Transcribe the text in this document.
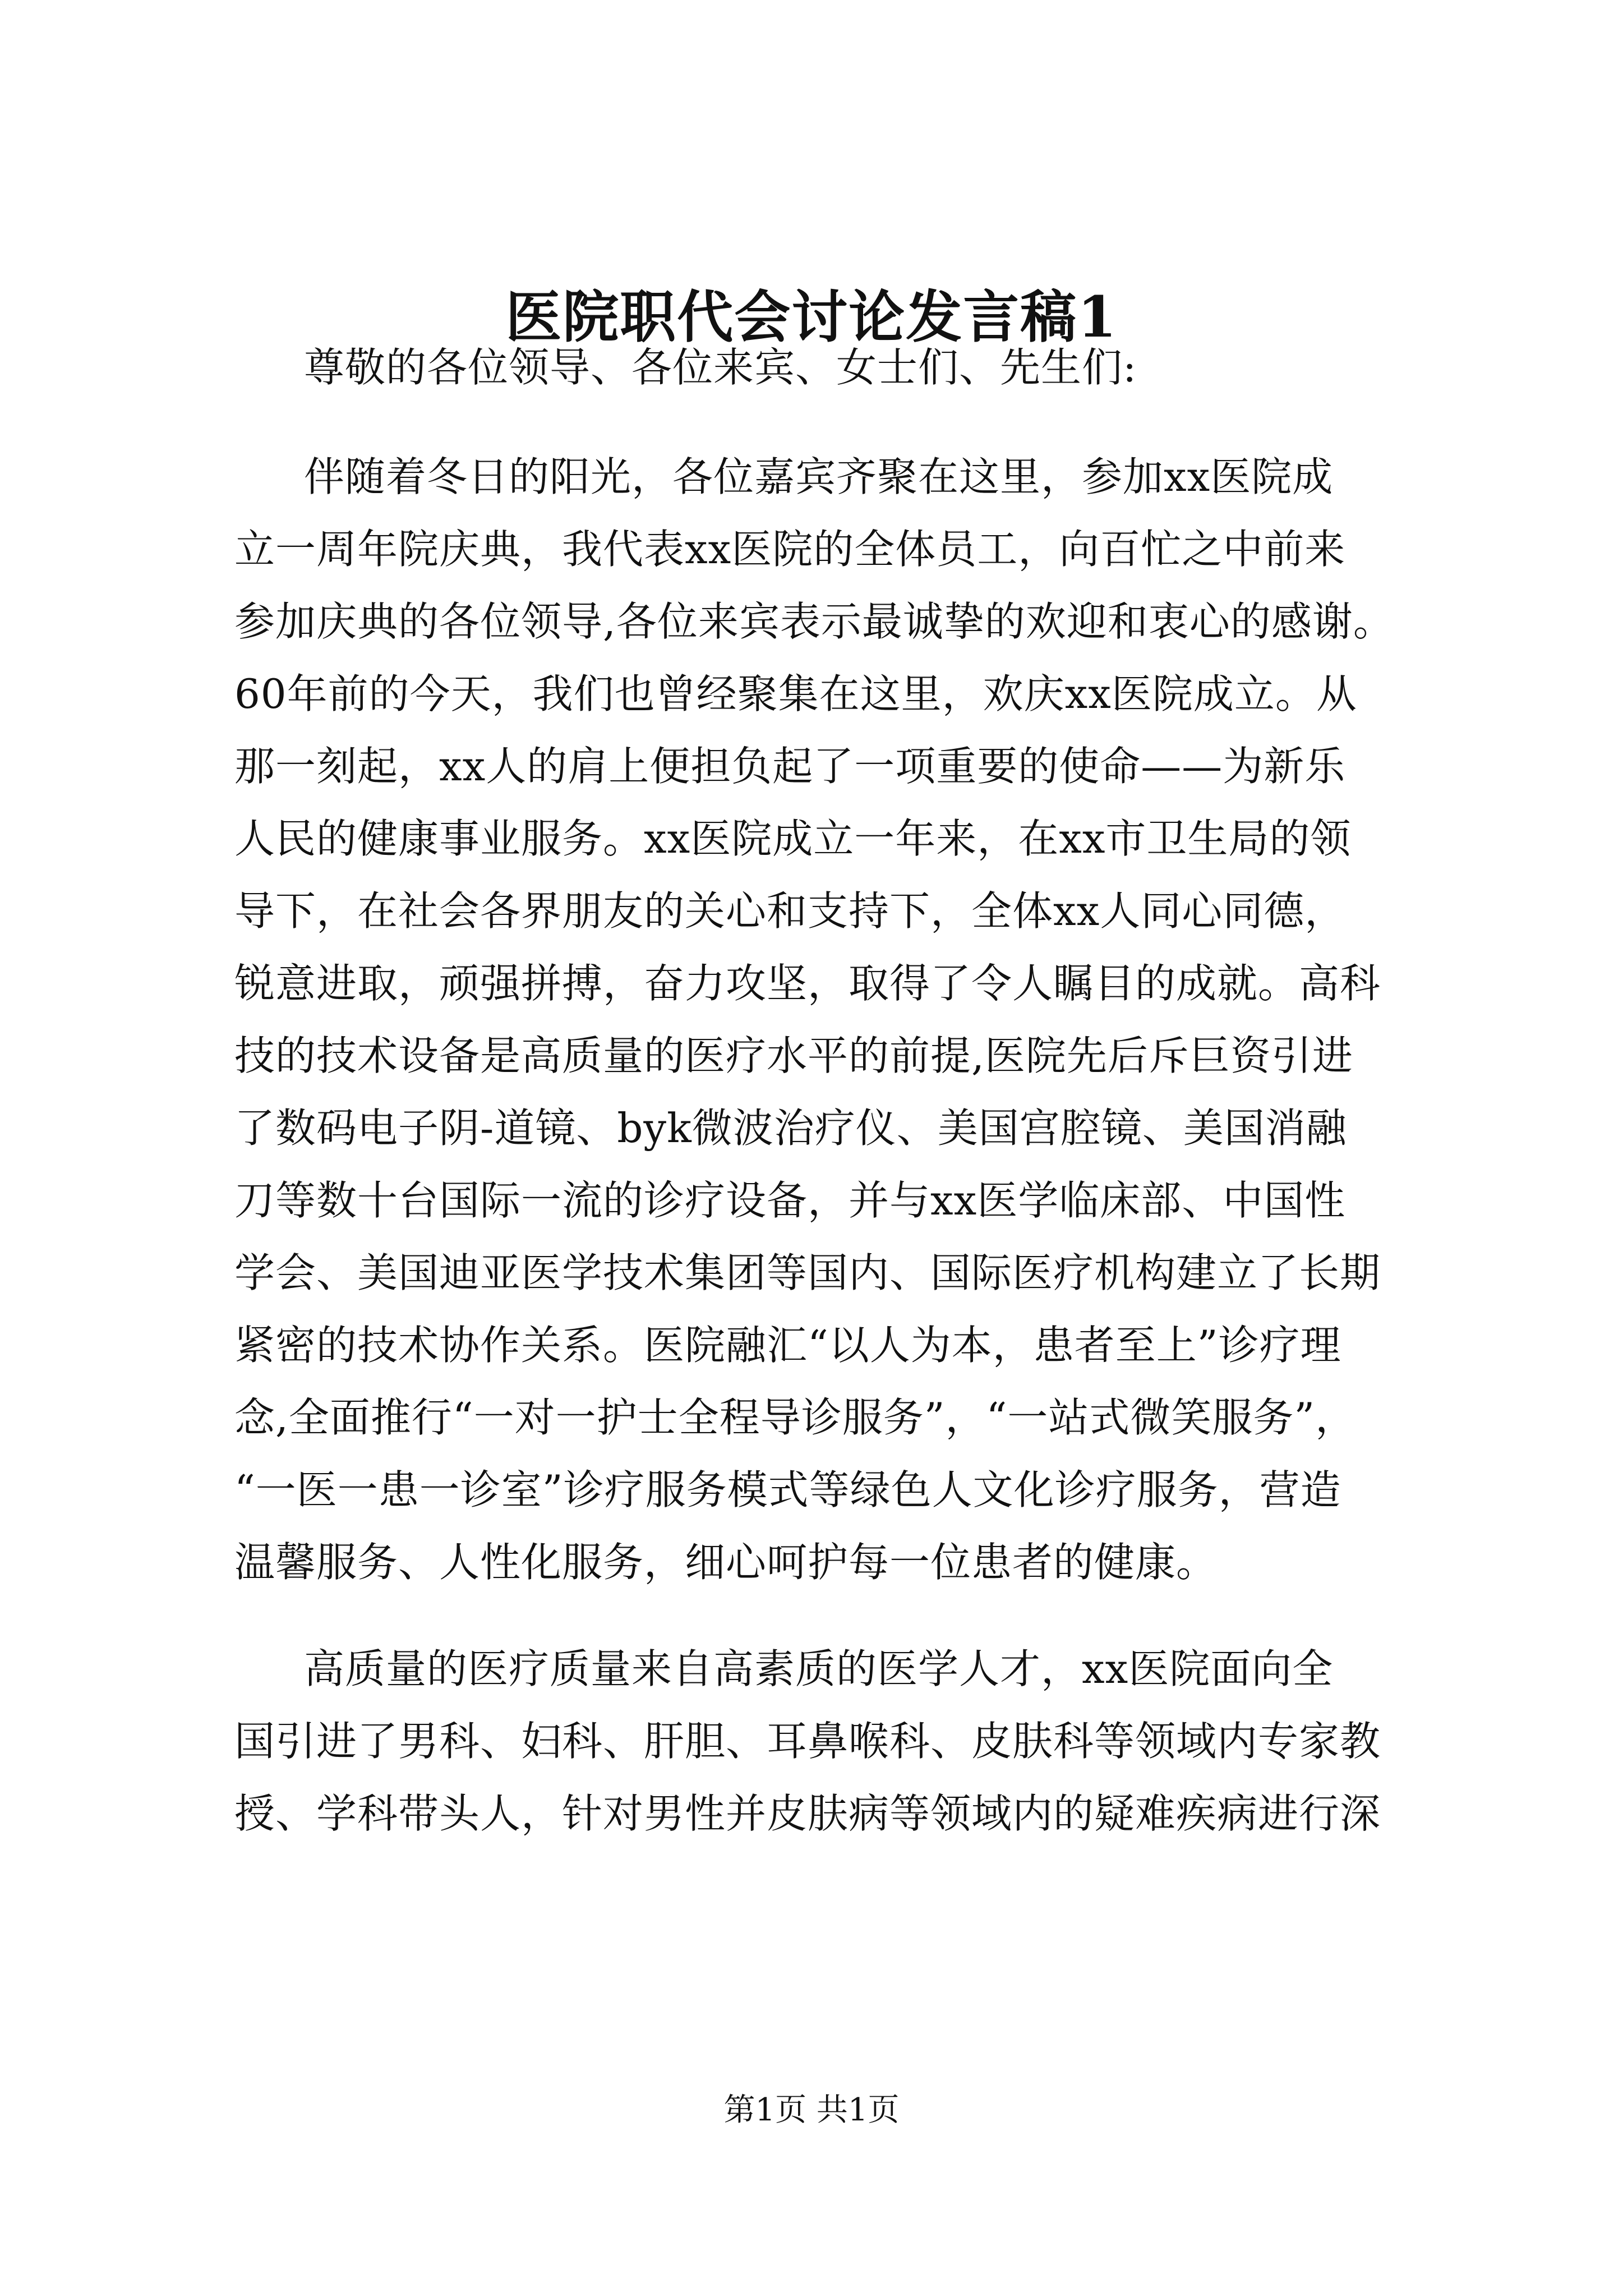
医院职代会讨论发言稿1
尊敬的各位领导、各位来宾、女士们、先生们:
伴随着冬日的阳光，各位嘉宾齐聚在这里，参加xx医院成
立一周年院庆典，我代表xx医院的全体员工，向百忙之中前来
参加庆典的各位领导,各位来宾表示最诚挚的欢迎和衷心的感谢。
60年前的今天，我们也曾经聚集在这里，欢庆xx医院成立。从
那一刻起，xx人的肩上便担负起了一项重要的使命——为新乐
人民的健康事业服务。xx医院成立一年来，在xx市卫生局的领
导下，在社会各界朋友的关心和支持下，全体xx人同心同德，
锐意进取，顽强拼搏，奋力攻坚，取得了令人瞩目的成就。高科
技的技术设备是高质量的医疗水平的前提,医院先后斥巨资引进
了数码电子阴-道镜、byk微波治疗仪、美国宫腔镜、美国消融
刀等数十台国际一流的诊疗设备，并与xx医学临床部、中国性
学会、美国迪亚医学技术集团等国内、国际医疗机构建立了长期
紧密的技术协作关系。医院融汇“以人为本，患者至上”诊疗理
念,全面推行“一对一护士全程导诊服务”，“一站式微笑服务”，
“一医一患一诊室”诊疗服务模式等绿色人文化诊疗服务，营造
温馨服务、人性化服务，细心呵护每一位患者的健康。
高质量的医疗质量来自高素质的医学人才，xx医院面向全
国引进了男科、妇科、肝胆、耳鼻喉科、皮肤科等领域内专家教
授、学科带头人，针对男性并皮肤病等领域内的疑难疾病进行深
第1页 共1页
